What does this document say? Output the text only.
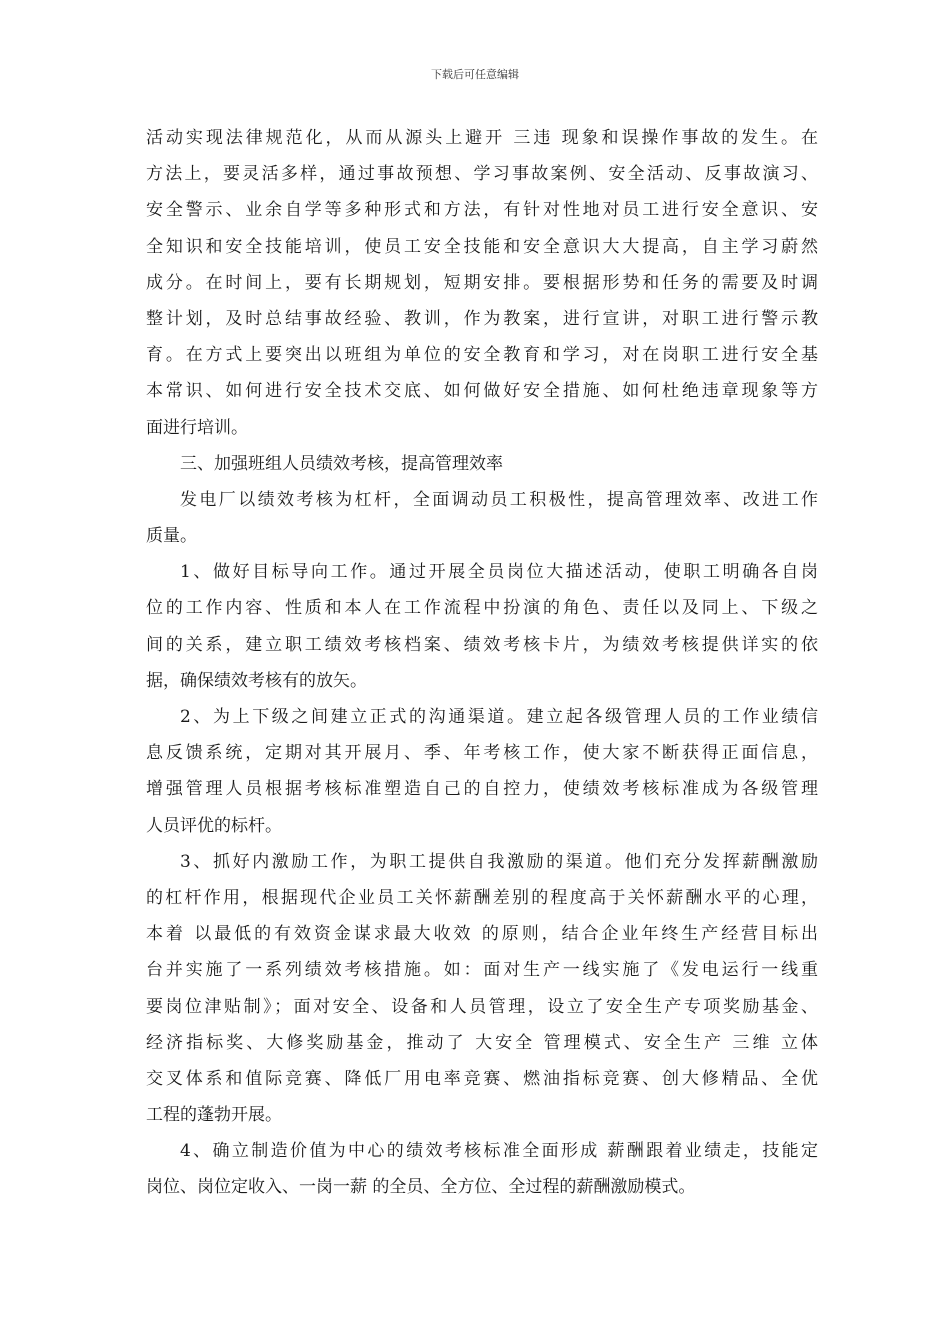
下载后可任意编辑
活动实现法律规范化，从而从源头上避开 三违 现象和误操作事故的发生。在
方法上，要灵活多样，通过事故预想、学习事故案例、安全活动、反事故演习、
安全警示、业余自学等多种形式和方法，有针对性地对员工进行安全意识、安
全知识和安全技能培训，使员工安全技能和安全意识大大提高，自主学习蔚然
成分。在时间上，要有长期规划，短期安排。要根据形势和任务的需要及时调
整计划，及时总结事故经验、教训，作为教案，进行宣讲，对职工进行警示教
育。在方式上要突出以班组为单位的安全教育和学习，对在岗职工进行安全基
本常识、如何进行安全技术交底、如何做好安全措施、如何杜绝违章现象等方
面进行培训。
三、加强班组人员绩效考核，提高管理效率
发电厂以绩效考核为杠杆，全面调动员工积极性，提高管理效率、改进工作
质量。
1、做好目标导向工作。通过开展全员岗位大描述活动，使职工明确各自岗
位的工作内容、性质和本人在工作流程中扮演的角色、责任以及同上、下级之
间的关系，建立职工绩效考核档案、绩效考核卡片，为绩效考核提供详实的依
据，确保绩效考核有的放矢。
2、为上下级之间建立正式的沟通渠道。建立起各级管理人员的工作业绩信
息反馈系统，定期对其开展月、季、年考核工作，使大家不断获得正面信息，
增强管理人员根据考核标准塑造自己的自控力，使绩效考核标准成为各级管理
人员评优的标杆。
3、抓好内激励工作，为职工提供自我激励的渠道。他们充分发挥薪酬激励
的杠杆作用，根据现代企业员工关怀薪酬差别的程度高于关怀薪酬水平的心理，
本着 以最低的有效资金谋求最大收效 的原则，结合企业年终生产经营目标出
台并实施了一系列绩效考核措施。如：面对生产一线实施了《发电运行一线重
要岗位津贴制》；面对安全、设备和人员管理，设立了安全生产专项奖励基金、
经济指标奖、大修奖励基金，推动了 大安全 管理模式、安全生产 三维 立体
交叉体系和值际竞赛、降低厂用电率竞赛、燃油指标竞赛、创大修精品、全优
工程的蓬勃开展。
4、确立制造价值为中心的绩效考核标准全面形成 薪酬跟着业绩走，技能定
岗位、岗位定收入、一岗一薪 的全员、全方位、全过程的薪酬激励模式。
